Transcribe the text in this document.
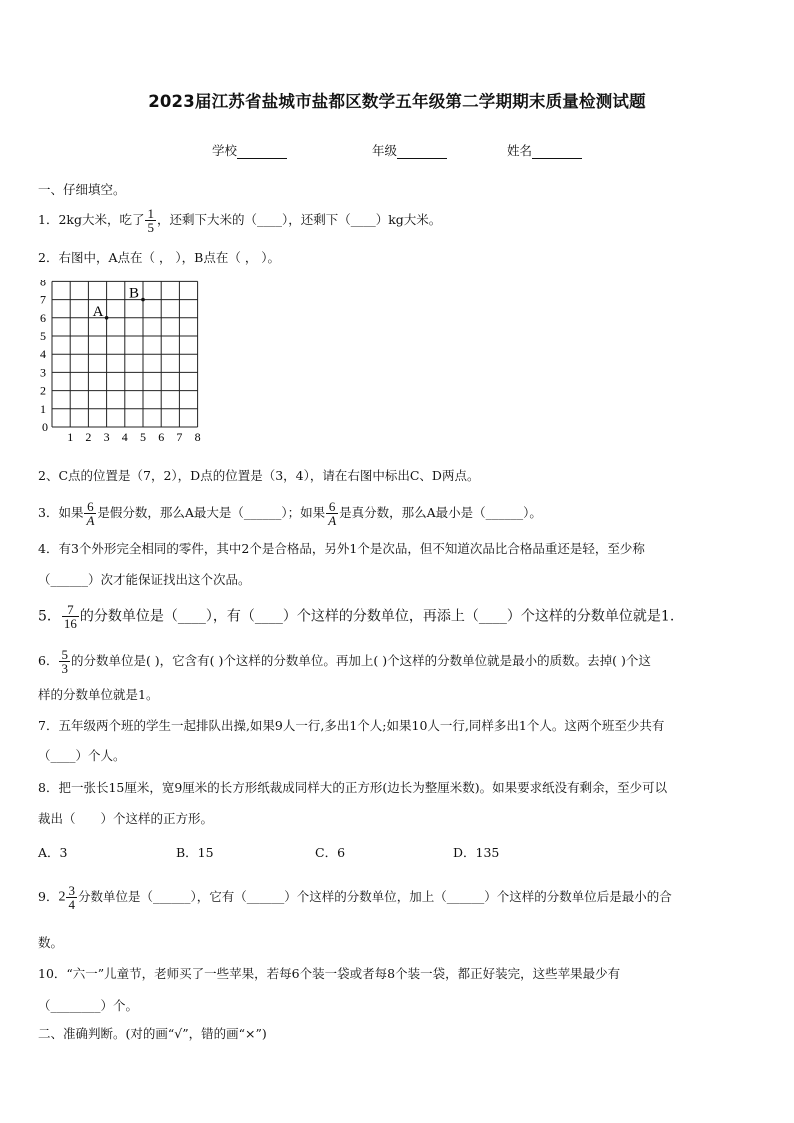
2023届江苏省盐城市盐都区数学五年级第二学期期末质量检测试题
学校	年级	姓名
一、仔细填空。
1．2kg大米，吃了 $\frac{1}{5}$ ，还剩下大米的（____），还剩下（____）kg大米。
2．右图中，A点在（ ， ），B点在（ ， ）。
0
1 2 3 4 5 6 7 8
1
2
3
4
5
6
7
8
A
B
2、C点的位置是（7，2），D点的位置是（3，4），请在右图中标出C、D两点。
3．如果 $\frac{6}{A}$ 是假分数，那么A最大是（______）；如果 $\frac{6}{A}$ 是真分数，那么A最小是（______）。
4．有3个外形完全相同的零件，其中2个是合格品，另外1个是次品，但不知道次品比合格品重还是轻，至少称
（______）次才能保证找出这个次品。
5． $\frac{7}{16}$ 的分数单位是（____），有（____）个这样的分数单位，再添上（____）个这样的分数单位就是1.
6． $\frac{5}{3}$ 的分数单位是( )，它含有( )个这样的分数单位。再加上( )个这样的分数单位就是最小的质数。去掉( )个这
样的分数单位就是1。
7．五年级两个班的学生一起排队出操,如果9人一行,多出1个人;如果10人一行,同样多出1个人。这两个班至少共有
（____）个人。
8．把一张长15厘米，宽9厘米的长方形纸裁成同样大的正方形(边长为整厘米数)。如果要求纸没有剩余，至少可以
裁出（　　）个这样的正方形。
A．3	B．15	C．6	D．135
9．$2 \frac{3}{4}$ 分数单位是（______），它有（______）个这样的分数单位，加上（______）个这样的分数单位后是最小的合
数。
10．“六一”儿童节，老师买了一些苹果，若每6个装一袋或者每8个装一袋，都正好装完，这些苹果最少有
（________）个。
二、准确判断。(对的画“√”，错的画“×”)
